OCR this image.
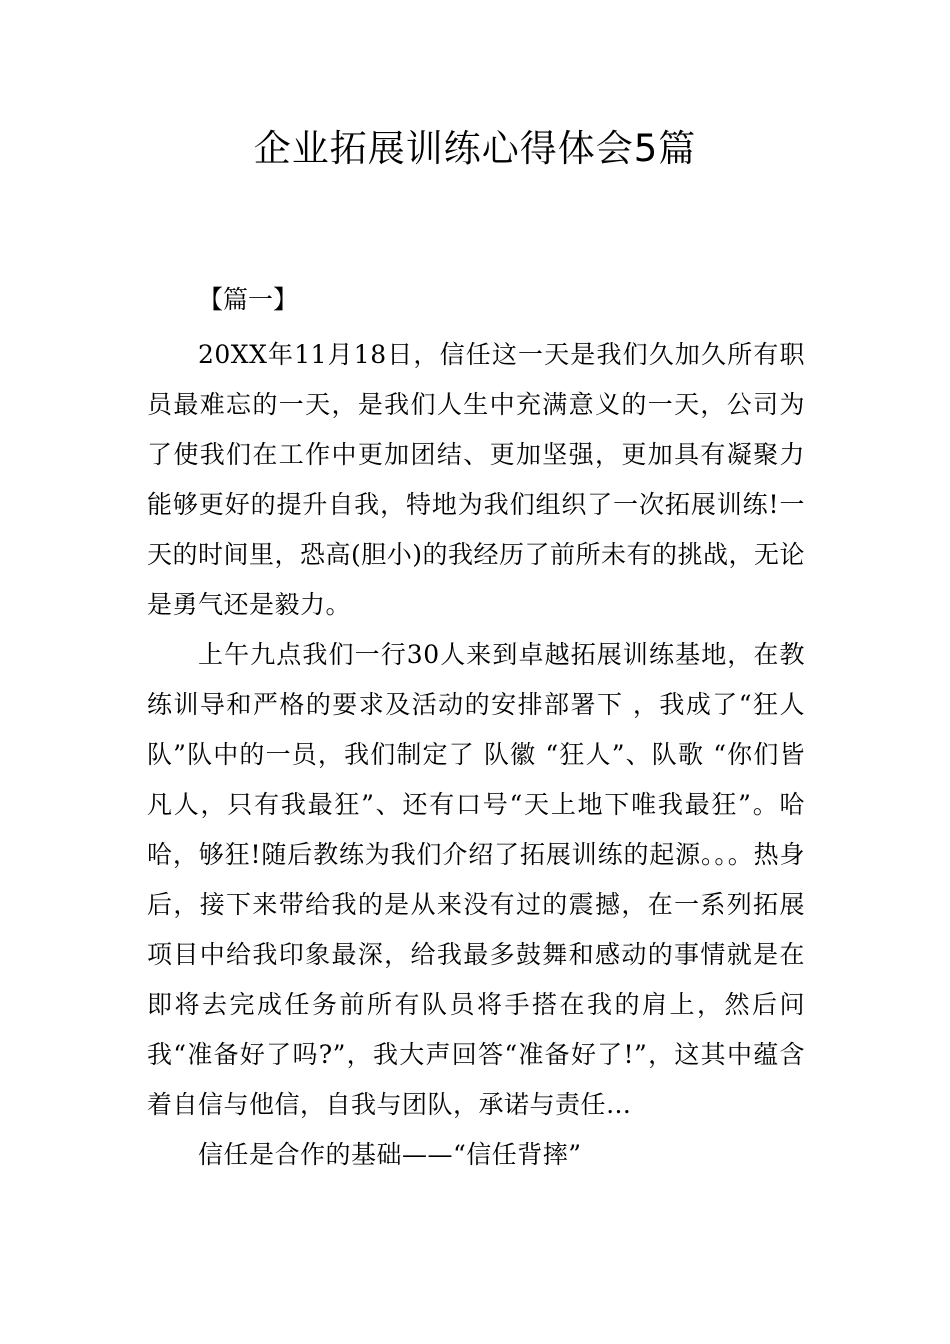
企业拓展训练心得体会5篇
【篇一】

20XX年11月18日，信任这一天是我们久加久所有职员最难忘的一天，是我们人生中充满意义的一天，公司为了使我们在工作中更加团结、更加坚强，更加具有凝聚力能够更好的提升自我，特地为我们组织了一次拓展训练!一天的时间里，恐高(胆小)的我经历了前所未有的挑战，无论是勇气还是毅力。

上午九点我们一行30人来到卓越拓展训练基地，在教练训导和严格的要求及活动的安排部署下 ，我成了“狂人队”队中的一员，我们制定了 队徽 “狂人”、队歌 “你们皆凡人，只有我最狂”、还有口号“天上地下唯我最狂”。哈哈，够狂!随后教练为我们介绍了拓展训练的起源。。。热身后，接下来带给我的是从来没有过的震撼，在一系列拓展项目中给我印象最深，给我最多鼓舞和感动的事情就是在即将去完成任务前所有队员将手搭在我的肩上，然后问我“准备好了吗?”，我大声回答“准备好了!”，这其中蕴含着自信与他信，自我与团队，承诺与责任…

信任是合作的基础——“信任背摔”
